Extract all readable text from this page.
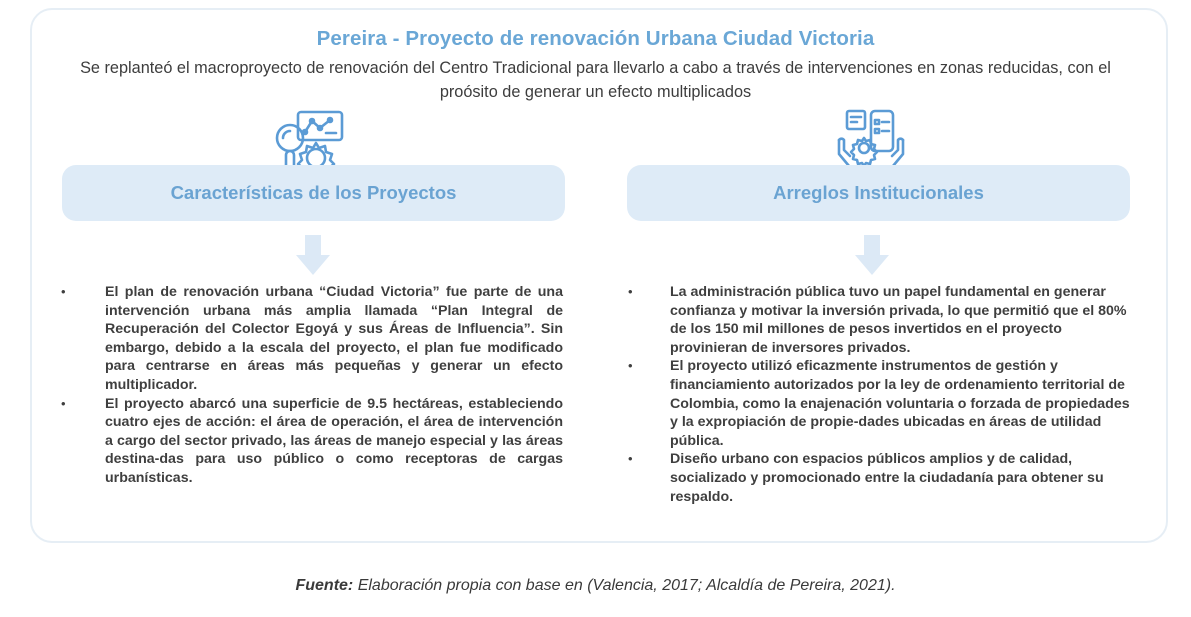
Pereira - Proyecto de renovación Urbana Ciudad Victoria
Se replanteó el macroproyecto de renovación del Centro Tradicional para llevarlo a cabo a través de intervenciones en zonas reducidas, con el proósito de generar un efecto multiplicados
Características de los Proyectos
•	El plan de renovación urbana “Ciudad Victoria” fue parte de una intervención urbana más amplia llamada “Plan Integral de Recuperación del Colector Egoyá y sus Áreas de Influencia”. Sin embargo, debido a la escala del proyecto, el plan fue modificado para centrarse en áreas más pequeñas y generar un efecto multiplicador.
•	El proyecto abarcó una superficie de 9.5 hectáreas, estableciendo cuatro ejes de acción: el área de operación, el área de intervención a cargo del sector privado, las áreas de manejo especial y las áreas destina-das para uso público o como receptoras de cargas urbanísticas.
Arreglos Institucionales
•	La administración pública tuvo un papel fundamental en generar confianza y motivar la inversión privada, lo que permitió que el 80% de los 150 mil millones de pesos invertidos en el proyecto provinieran de inversores privados.
•	El proyecto utilizó eficazmente instrumentos de gestión y financiamiento autorizados por la ley de ordenamiento territorial de Colombia, como la enajenación voluntaria o forzada de propiedades y la expropiación de propie-dades ubicadas en áreas de utilidad pública.
•	Diseño urbano con espacios públicos amplios y de calidad, socializado y promocionado entre la ciudadanía para obtener su respaldo.
Fuente: Elaboración propia con base en (Valencia, 2017; Alcaldía de Pereira, 2021).
